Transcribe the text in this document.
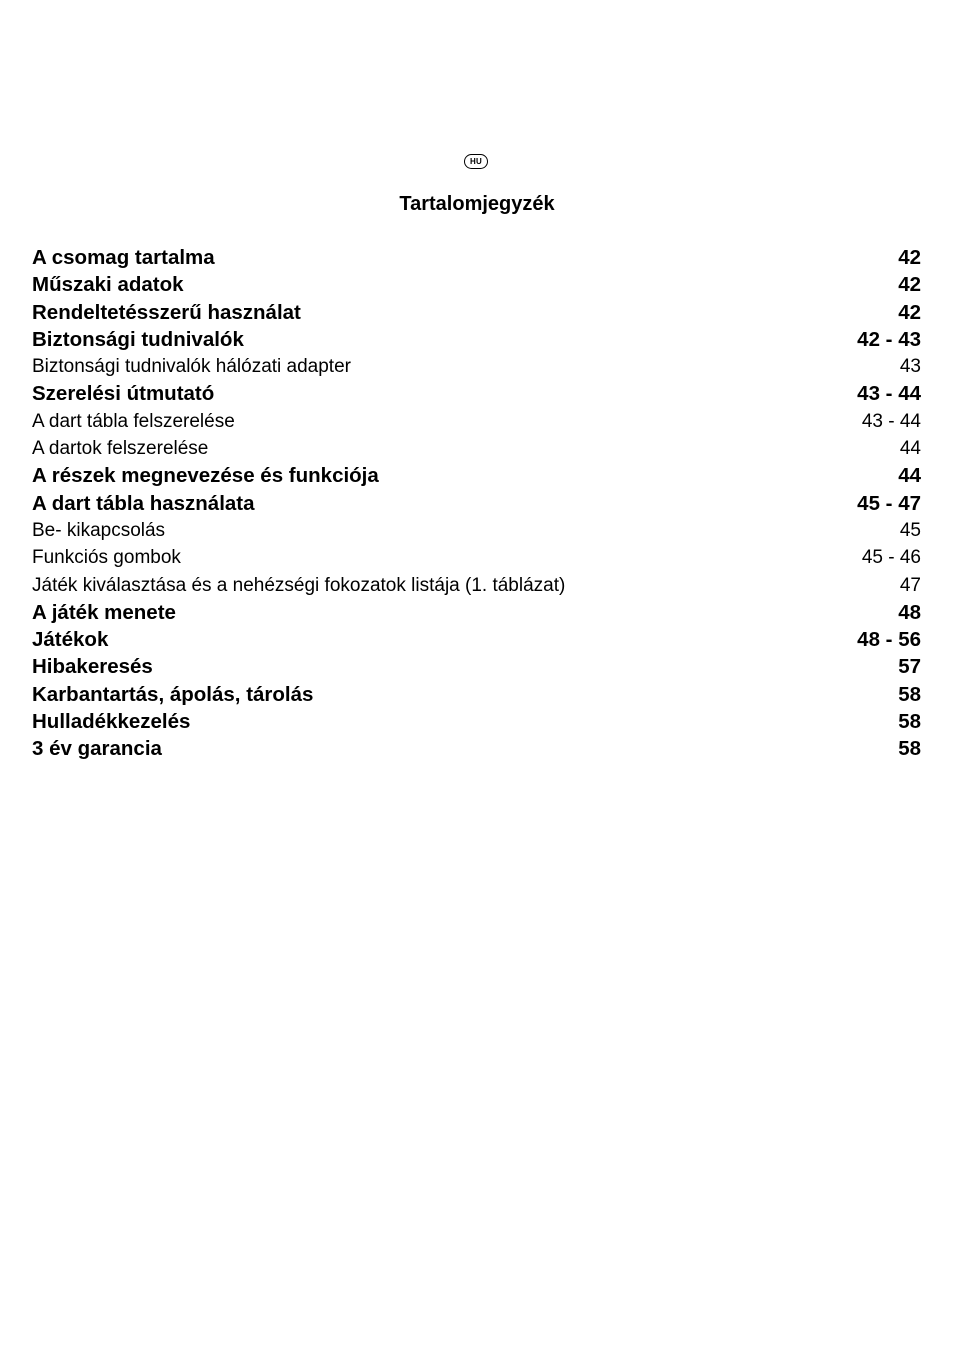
HU
Tartalomjegyzék
A csomag tartalma	42
Műszaki adatok	42
Rendeltetésszerű használat	42
Biztonsági tudnivalók	42 - 43
Biztonsági tudnivalók hálózati adapter	43
Szerelési útmutató	43 - 44
A dart tábla felszerelése	43 - 44
A dartok felszerelése	44
A részek megnevezése és funkciója	44
A dart tábla használata	45 - 47
Be- kikapcsolás	45
Funkciós gombok	45 - 46
Játék kiválasztása és a nehézségi fokozatok listája (1. táblázat)	47
A játék menete	48
Játékok	48 - 56
Hibakeresés	57
Karbantartás, ápolás, tárolás	58
Hulladékkezelés	58
3 év garancia	58
